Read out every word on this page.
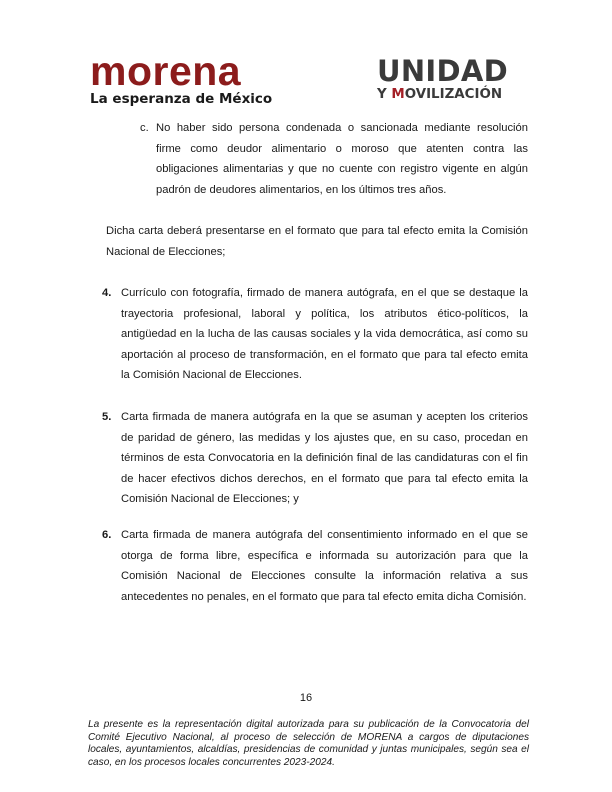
morena
La esperanza de México
UNIDAD
Y MOVILIZACIÓN
c. No haber sido persona condenada o sancionada mediante resolución firme como deudor alimentario o moroso que atenten contra las obligaciones alimentarias y que no cuente con registro vigente en algún padrón de deudores alimentarios, en los últimos tres años.
Dicha carta deberá presentarse en el formato que para tal efecto emita la Comisión Nacional de Elecciones;
4. Currículo con fotografía, firmado de manera autógrafa, en el que se destaque la trayectoria profesional, laboral y política, los atributos ético-políticos, la antigüedad en la lucha de las causas sociales y la vida democrática, así como su aportación al proceso de transformación, en el formato que para tal efecto emita la Comisión Nacional de Elecciones.
5. Carta firmada de manera autógrafa en la que se asuman y acepten los criterios de paridad de género, las medidas y los ajustes que, en su caso, procedan en términos de esta Convocatoria en la definición final de las candidaturas con el fin de hacer efectivos dichos derechos, en el formato que para tal efecto emita la Comisión Nacional de Elecciones; y
6. Carta firmada de manera autógrafa del consentimiento informado en el que se otorga de forma libre, específica e informada su autorización para que la Comisión Nacional de Elecciones consulte la información relativa a sus antecedentes no penales, en el formato que para tal efecto emita dicha Comisión.
16
La presente es la representación digital autorizada para su publicación de la Convocatoria del Comité Ejecutivo Nacional, al proceso de selección de MORENA a cargos de diputaciones locales, ayuntamientos, alcaldías, presidencias de comunidad y juntas municipales, según sea el caso, en los procesos locales concurrentes 2023-2024.
